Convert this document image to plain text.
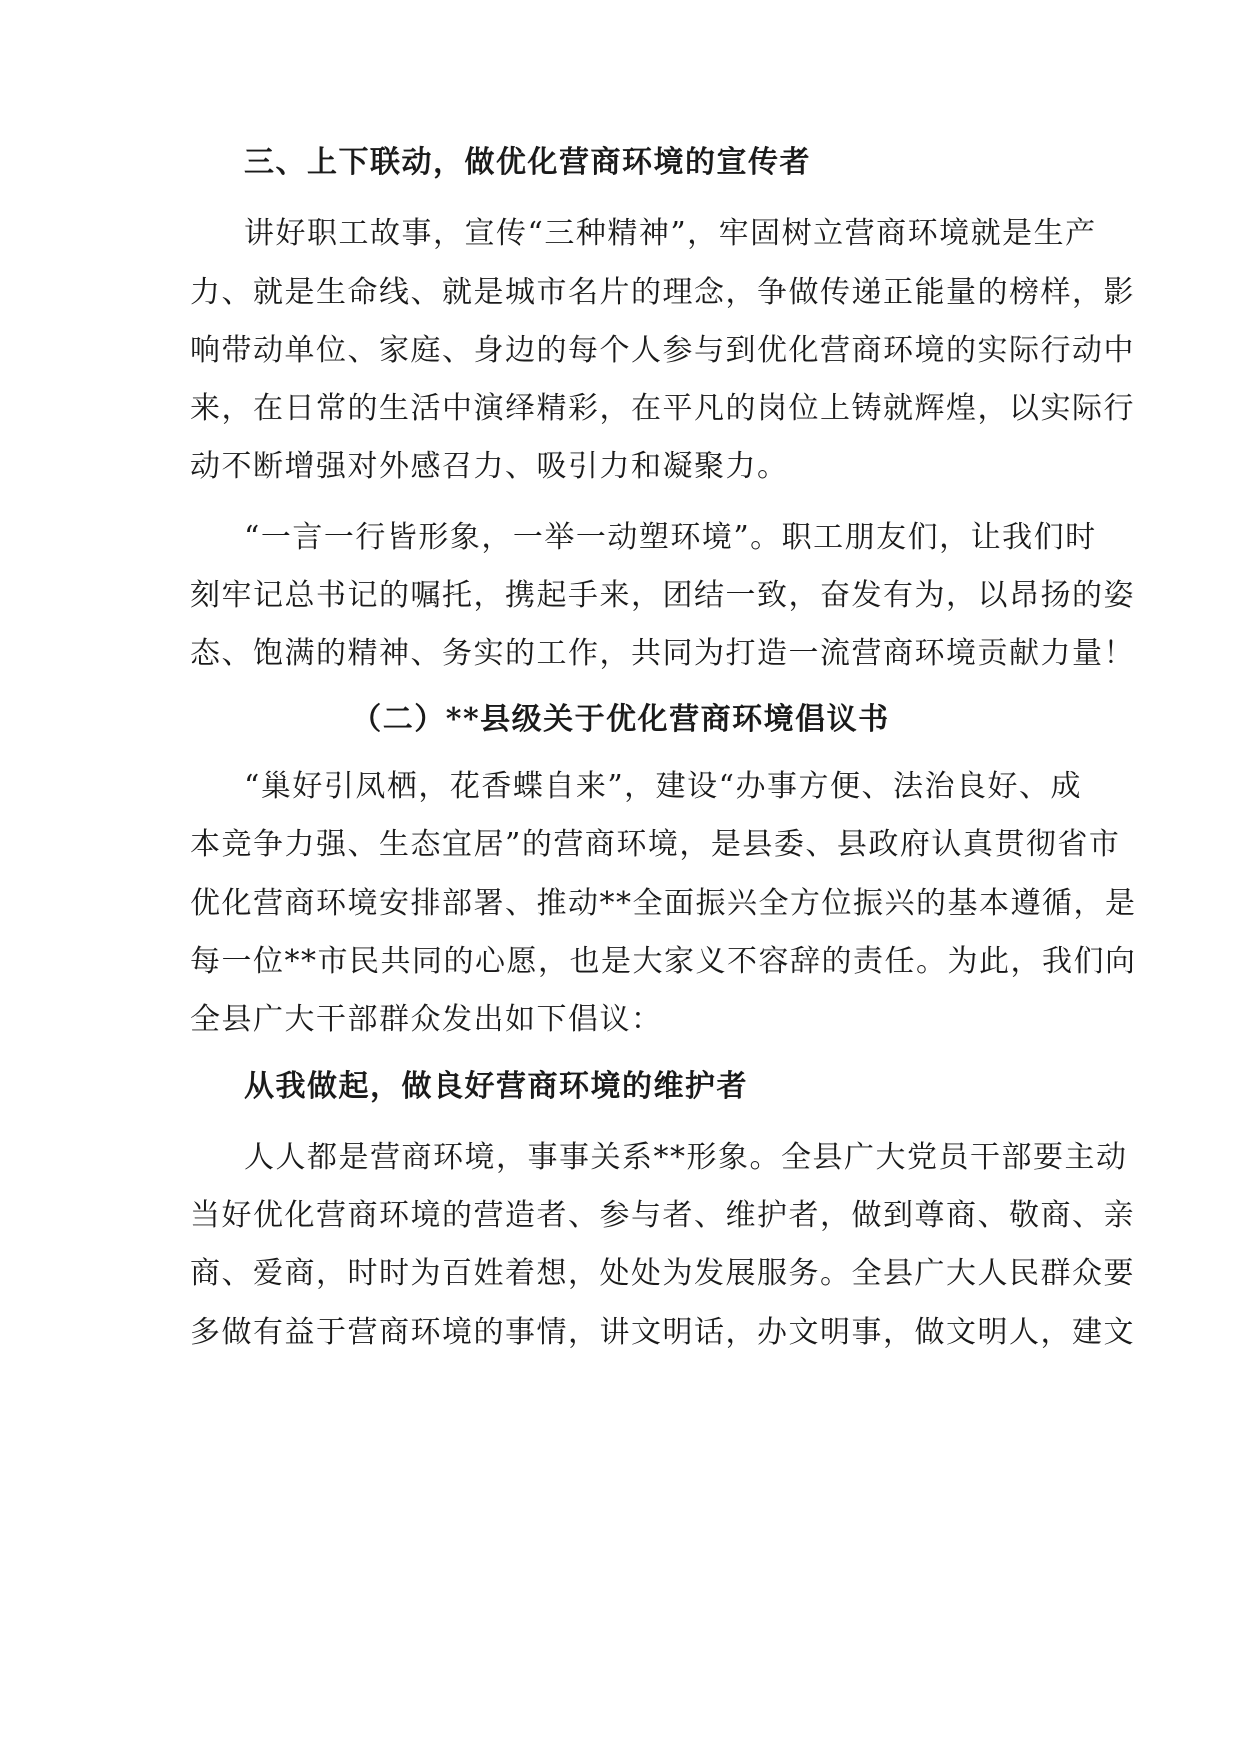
三、上下联动，做优化营商环境的宣传者
讲好职工故事，宣传“三种精神”，牢固树立营商环境就是生产
力、就是生命线、就是城市名片的理念，争做传递正能量的榜样，影
响带动单位、家庭、身边的每个人参与到优化营商环境的实际行动中
来，在日常的生活中演绎精彩，在平凡的岗位上铸就辉煌，以实际行
动不断增强对外感召力、吸引力和凝聚力。
“一言一行皆形象，一举一动塑环境”。职工朋友们，让我们时
刻牢记总书记的嘱托，携起手来，团结一致，奋发有为，以昂扬的姿
态、饱满的精神、务实的工作，共同为打造一流营商环境贡献力量！
（二）**县级关于优化营商环境倡议书
“巢好引凤栖，花香蝶自来”，建设“办事方便、法治良好、成
本竞争力强、生态宜居”的营商环境，是县委、县政府认真贯彻省市
优化营商环境安排部署、推动**全面振兴全方位振兴的基本遵循，是
每一位**市民共同的心愿，也是大家义不容辞的责任。为此，我们向
全县广大干部群众发出如下倡议：
从我做起，做良好营商环境的维护者
人人都是营商环境，事事关系**形象。全县广大党员干部要主动
当好优化营商环境的营造者、参与者、维护者，做到尊商、敬商、亲
商、爱商，时时为百姓着想，处处为发展服务。全县广大人民群众要
多做有益于营商环境的事情，讲文明话，办文明事，做文明人，建文
